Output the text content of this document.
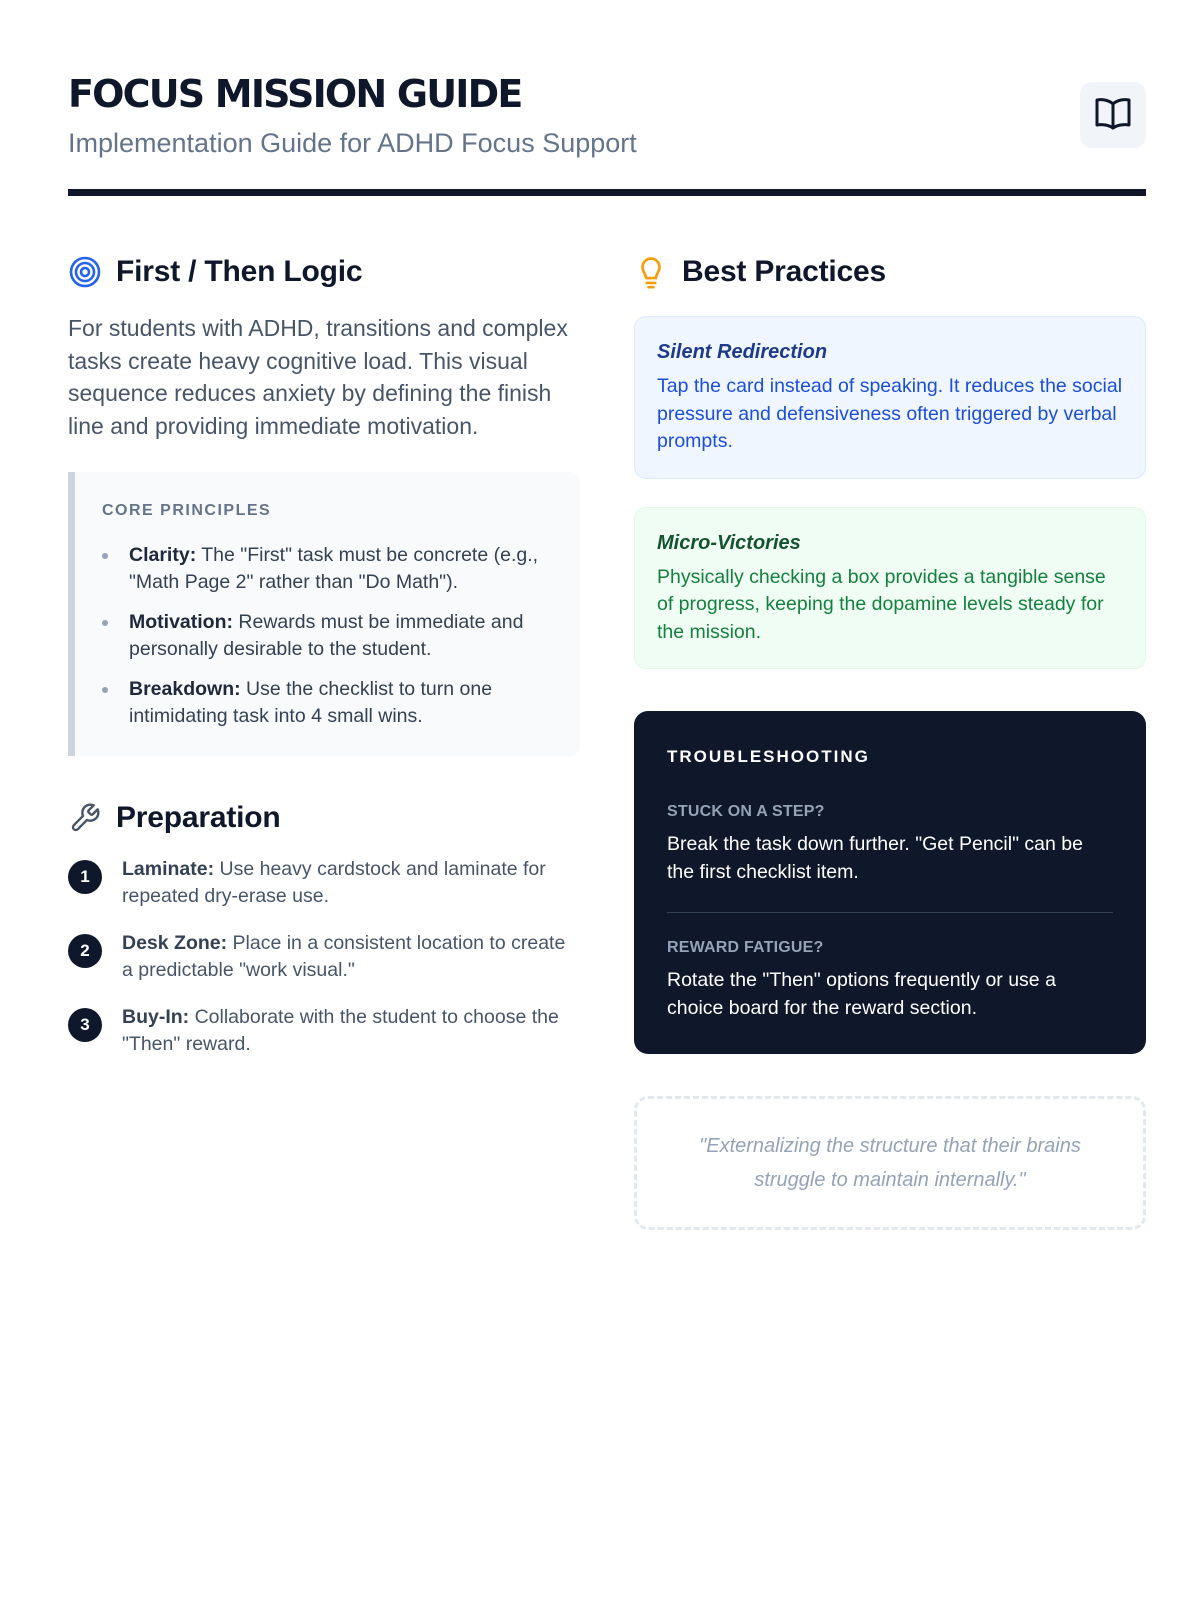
FOCUS MISSION GUIDE
Implementation Guide for ADHD Focus Support
First / Then Logic

For students with ADHD, transitions and complex tasks create heavy cognitive load. This visual sequence reduces anxiety by defining the finish line and providing immediate motivation.

CORE PRINCIPLES
Clarity: The "First" task must be concrete (e.g., "Math Page 2" rather than "Do Math").
Motivation: Rewards must be immediate and personally desirable to the student.
Breakdown: Use the checklist to turn one intimidating task into 4 small wins.
Preparation
1	Laminate: Use heavy cardstock and laminate for repeated dry-erase use.
2	Desk Zone: Place in a consistent location to create a predictable "work visual."
3	Buy-In: Collaborate with the student to choose the "Then" reward.
Best Practices
Silent Redirection
Tap the card instead of speaking. It reduces the social pressure and defensiveness often triggered by verbal prompts.
Micro-Victories
Physically checking a box provides a tangible sense of progress, keeping the dopamine levels steady for the mission.
TROUBLESHOOTING
STUCK ON A STEP?
Break the task down further. "Get Pencil" can be the first checklist item.
REWARD FATIGUE?
Rotate the "Then" options frequently or use a choice board for the reward section.
"Externalizing the structure that their brains struggle to maintain internally."
